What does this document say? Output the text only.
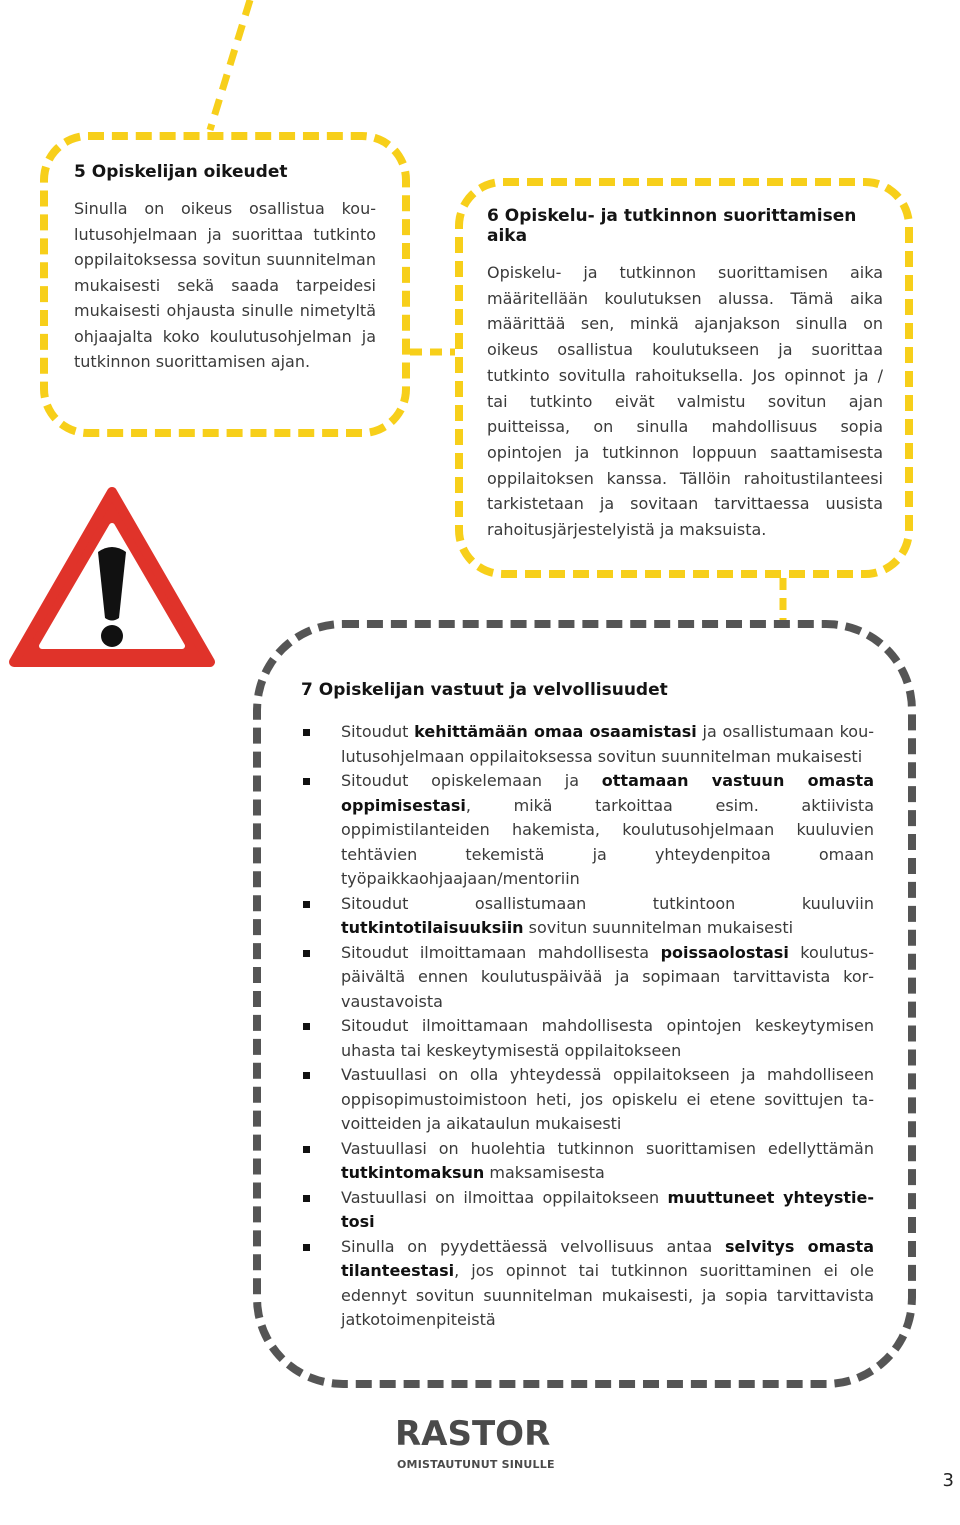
5 Opiskelijan oikeudet

Sinulla on oikeus osallistua koulutusohjelmaan ja suorittaa tutkinto oppilaitoksessa sovitun suunnitelman mukaisesti sekä saada tarpeidesi mukaisesti ohjausta sinulle nimetyltä ohjaajalta koko koulutusohjelman ja tutkinnon suorittamisen ajan.

6 Opiskelu- ja tutkinnon suorittamisen aika

Opiskelu- ja tutkinnon suorittamisen aika määritellään koulutuksen alussa. Tämä aika määrittää sen, minkä ajanjakson sinulla on oikeus osallistua koulutukseen ja suorittaa tutkinto sovitulla rahoituksella. Jos opinnot ja / tai tutkinto eivät valmistu sovitun ajan puitteissa, on sinulla mahdollisuus sopia opintojen ja tutkinnon loppuun saattamisesta oppilaitoksen kanssa. Tällöin rahoitustilanteesi tarkistetaan ja sovitaan tarvittaessa uusista rahoitusjärjestelyistä ja maksuista.

7 Opiskelijan vastuut ja velvollisuudet
Sitoudut kehittämään omaa osaamistasi ja osallistumaan koulutusohjelmaan oppilaitoksessa sovitun suunnitelman mukaisesti
Sitoudut opiskelemaan ja ottamaan vastuun omasta oppimisestasi, mikä tarkoittaa esim. aktiivista oppimistilanteiden hakemista, koulutusohjelmaan kuuluvien tehtävien tekemistä ja yhteydenpitoa omaan työpaikkaohjaajaan/mentoriin
Sitoudut osallistumaan tutkintoon kuuluviin tutkintotilaisuuksiin sovitun suunnitelman mukaisesti
Sitoudut ilmoittamaan mahdollisesta poissaolostasi koulutuspäivältä ennen koulutuspäivää ja sopimaan tarvittavista korvaustavoista
Sitoudut ilmoittamaan mahdollisesta opintojen keskeytymisen uhasta tai keskeytymisestä oppilaitokseen
Vastuullasi on olla yhteydessä oppilaitokseen ja mahdolliseen oppisopimustoimistoon heti, jos opiskelu ei etene sovittujen tavoitteiden ja aikataulun mukaisesti
Vastuullasi on huolehtia tutkinnon suorittamisen edellyttämän tutkintomaksun maksamisesta
Vastuullasi on ilmoittaa oppilaitokseen muuttuneet yhteystietosi
Sinulla on pyydettäessä velvollisuus antaa selvitys omasta tilanteestasi, jos opinnot tai tutkinnon suorittaminen ei ole edennyt sovitun suunnitelman mukaisesti, ja sopia tarvittavista jatkotoimenpiteistä
RASTOR
OMISTAUTUNUT SINULLE
3
